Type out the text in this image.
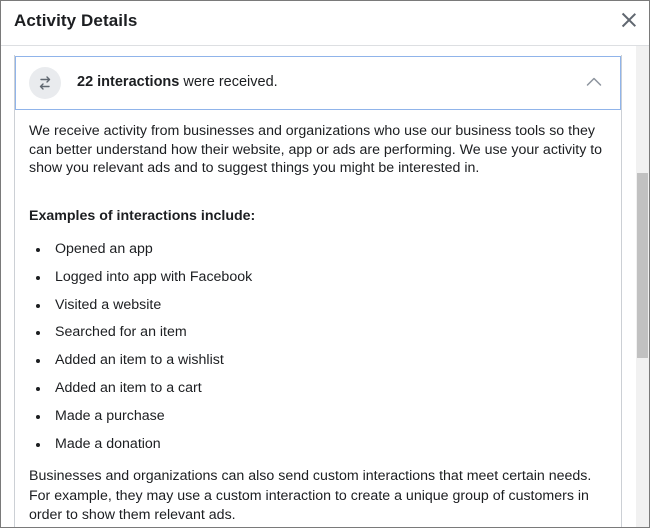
Activity Details
22 interactions were received.
We receive activity from businesses and organizations who use our business tools so they can better understand how their website, app or ads are performing. We use your activity to show you relevant ads and to suggest things you might be interested in.
Examples of interactions include:
Opened an app
Logged into app with Facebook
Visited a website
Searched for an item
Added an item to a wishlist
Added an item to a cart
Made a purchase
Made a donation
Businesses and organizations can also send custom interactions that meet certain needs. For example, they may use a custom interaction to create a unique group of customers in order to show them relevant ads.
